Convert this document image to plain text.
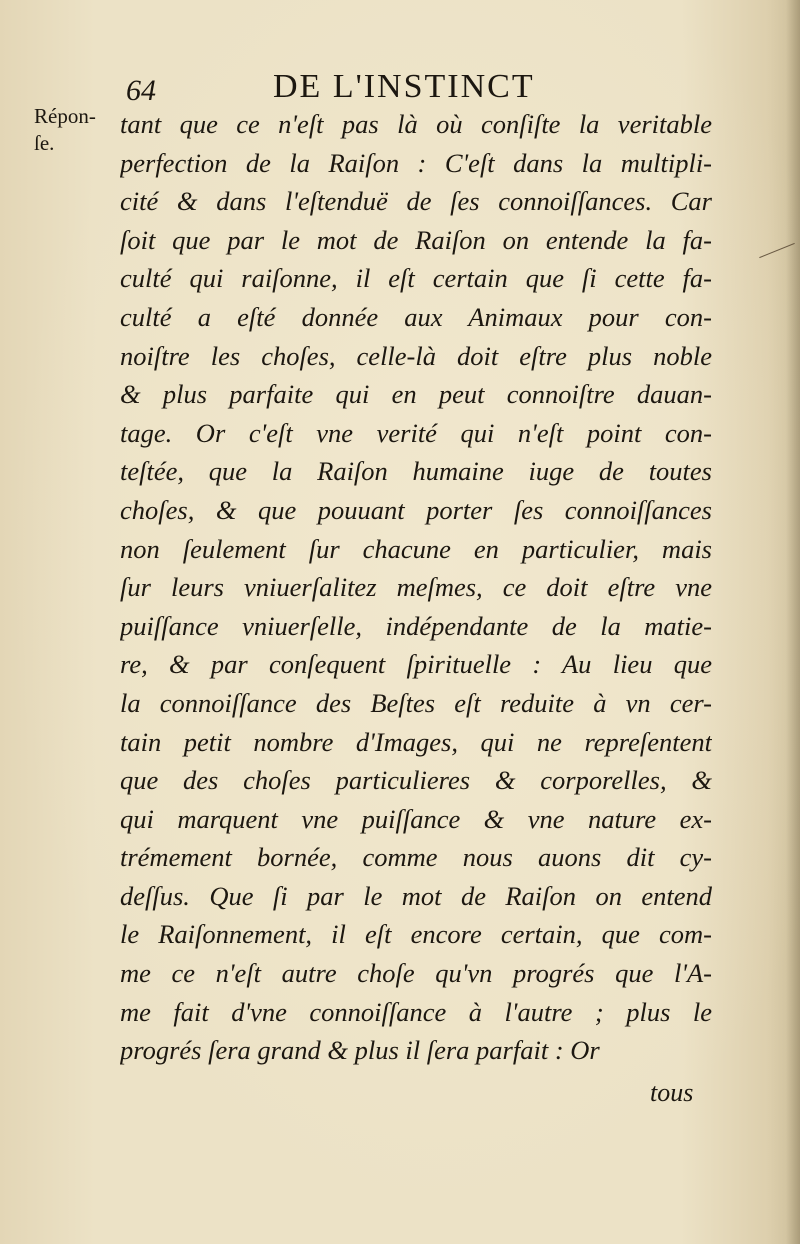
64	DE L'INSTINCT
Répon-
ſe.
tant que ce n'eſt pas là où conſiſte la veritable
perfection de la Raiſon : C'eſt dans la multipli-
cité & dans l'eſtenduë de ſes connoiſſances. Car
ſoit que par le mot de Raiſon on entende la fa-
culté qui raiſonne, il eſt certain que ſi cette fa-
culté a eſté donnée aux Animaux pour con-
noiſtre les choſes, celle-là doit eſtre plus noble
& plus parfaite qui en peut connoiſtre dauan-
tage. Or c'eſt vne verité qui n'eſt point con-
teſtée, que la Raiſon humaine iuge de toutes
choſes, & que pouuant porter ſes connoiſſances
non ſeulement ſur chacune en particulier, mais
ſur leurs vniuerſalitez meſmes, ce doit eſtre vne
puiſſance vniuerſelle, indépendante de la matie-
re, & par conſequent ſpirituelle : Au lieu que
la connoiſſance des Beſtes eſt reduite à vn cer-
tain petit nombre d'Images, qui ne repreſentent
que des choſes particulieres & corporelles, &
qui marquent vne puiſſance & vne nature ex-
trémement bornée, comme nous auons dit cy-
deſſus. Que ſi par le mot de Raiſon on entend
le Raiſonnement, il eſt encore certain, que com-
me ce n'eſt autre choſe qu'vn progrés que l'A-
me fait d'vne connoiſſance à l'autre ; plus le
progrés ſera grand & plus il ſera parfait : Or
tous
